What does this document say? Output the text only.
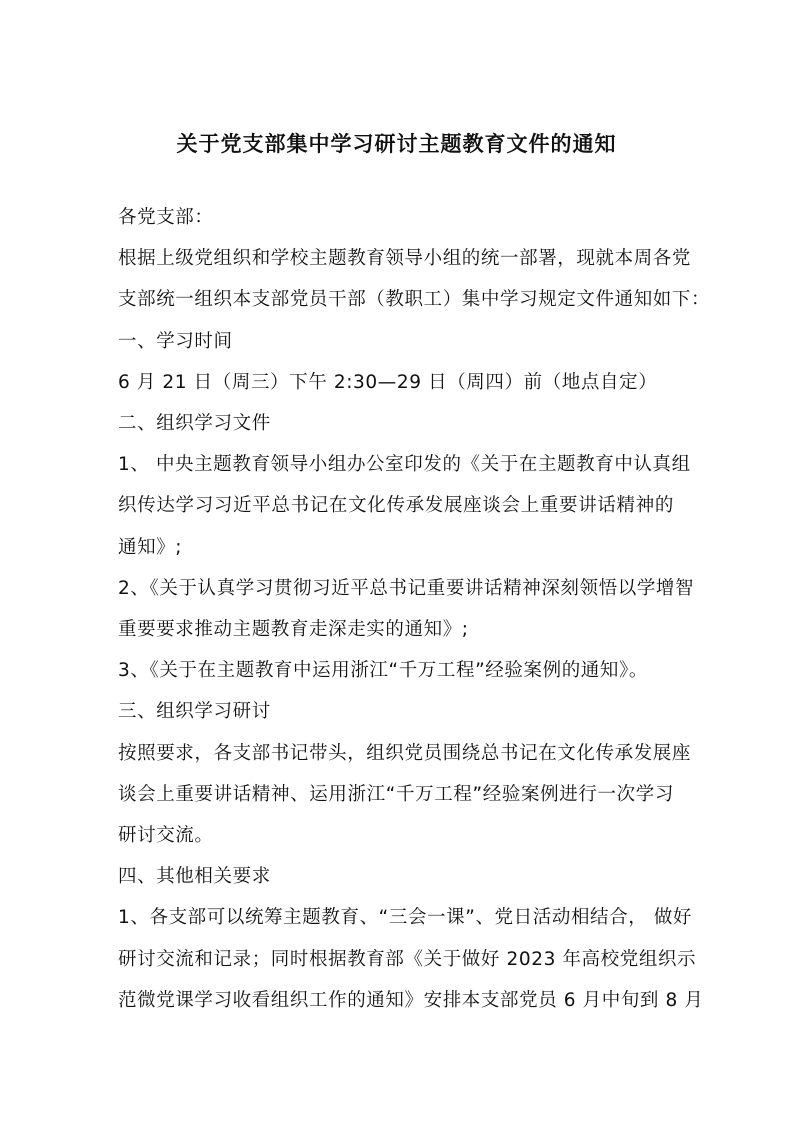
关于党支部集中学习研讨主题教育文件的通知

各党支部：

根据上级党组织和学校主题教育领导小组的统一部署，现就本周各党

支部统一组织本支部党员干部（教职工）集中学习规定文件通知如下：

一、学习时间

6 月 21 日（周三）下午 2:30—29 日（周四）前（地点自定）

二、组织学习文件

1、 中央主题教育领导小组办公室印发的《关于在主题教育中认真组

织传达学习习近平总书记在文化传承发展座谈会上重要讲话精神的

通知》;

2、《关于认真学习贯彻习近平总书记重要讲话精神深刻领悟以学增智

重要要求推动主题教育走深走实的通知》;

3、《关于在主题教育中运用浙江“千万工程”经验案例的通知》。

三、组织学习研讨

按照要求，各支部书记带头，组织党员围绕总书记在文化传承发展座

谈会上重要讲话精神、运用浙江“千万工程”经验案例进行一次学习

研讨交流。

四、其他相关要求

1、各支部可以统筹主题教育、“三会一课”、党日活动相结合， 做好

研讨交流和记录；同时根据教育部《关于做好 2023 年高校党组织示

范微党课学习收看组织工作的通知》安排本支部党员 6 月中旬到 8 月
